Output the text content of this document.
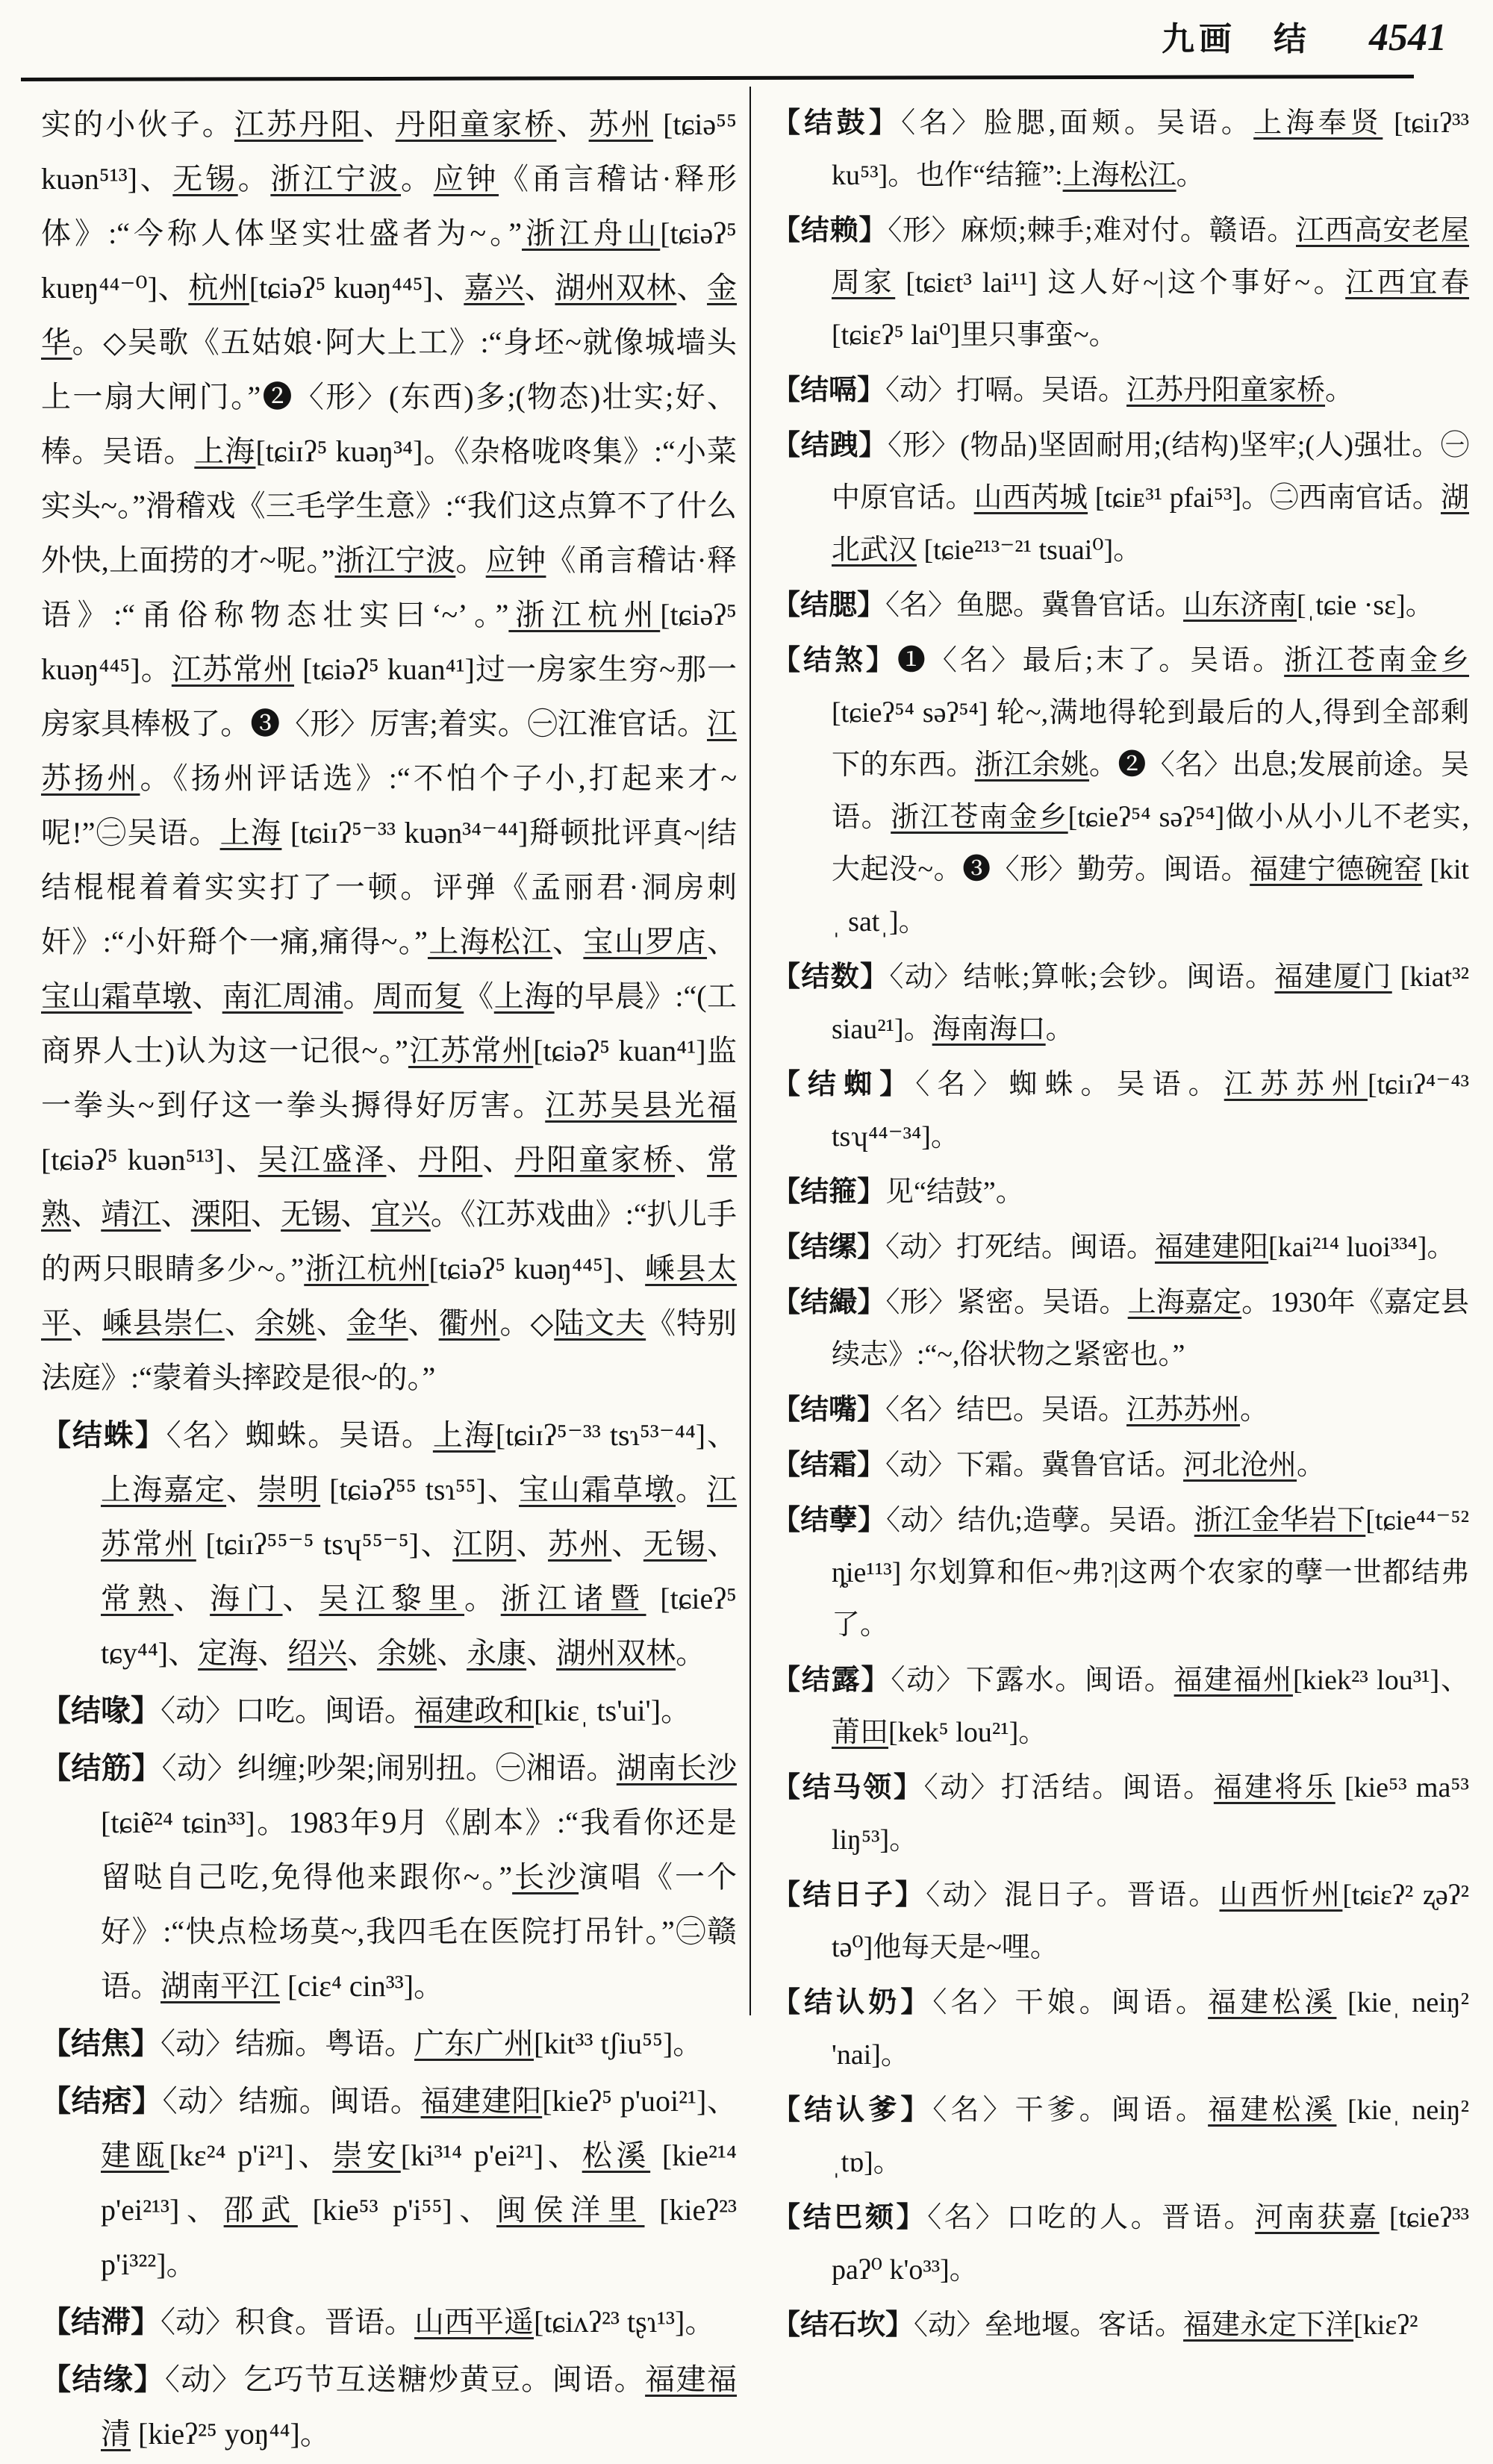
九画　结 4541
实的小伙子。江苏丹阳、丹阳童家桥、苏州 [tɕiə⁵⁵ kuən⁵¹³]、无锡。浙江宁波。应钟《甬言稽诂·释形体》:“今称人体坚实壮盛者为~。”浙江舟山[tɕiəʔ⁵ kuɐŋ⁴⁴⁻⁰]、杭州[tɕiəʔ⁵ kuəŋ⁴⁴⁵]、嘉兴、湖州双林、金华。◇吴歌《五姑娘·阿大上工》:“身坯~就像城墙头上一扇大闸门。”❷〈形〉(东西)多;(物态)壮实;好、棒。吴语。上海[tɕiɪʔ⁵ kuəŋ³⁴]。《杂格咙咚集》:“小菜实头~。”滑稽戏《三毛学生意》:“我们这点算不了什么外快,上面捞的才~呢。”浙江宁波。应钟《甬言稽诂·释语》:“甬俗称物态壮实曰‘~’。”浙江杭州[tɕiəʔ⁵ kuəŋ⁴⁴⁵]。江苏常州 [tɕiəʔ⁵ kuan⁴¹]过一房家生穷~那一房家具棒极了。❸〈形〉厉害;着实。㊀江淮官话。江苏扬州。《扬州评话选》:“不怕个子小,打起来才~呢!”㊁吴语。上海 [tɕiɪʔ⁵⁻³³ kuən³⁴⁻⁴⁴]搿顿批评真~|结结棍棍着着实实打了一顿。评弹《孟丽君·洞房刺奸》:“小奸搿个一痛,痛得~。”上海松江、宝山罗店、宝山霜草墩、南汇周浦。周而复《上海的早晨》:“(工商界人士)认为这一记很~。”江苏常州[tɕiəʔ⁵ kuan⁴¹]监一拳头~到仔这一拳头搙得好厉害。江苏吴县光福[tɕiəʔ⁵ kuən⁵¹³]、吴江盛泽、丹阳、丹阳童家桥、常熟、靖江、溧阳、无锡、宜兴。《江苏戏曲》:“扒儿手的两只眼睛多少~。”浙江杭州[tɕiəʔ⁵ kuəŋ⁴⁴⁵]、嵊县太平、嵊县崇仁、余姚、金华、衢州。◇陆文夫《特别法庭》:“蒙着头摔跤是很~的。”
【结蛛】〈名〉蜘蛛。吴语。上海[tɕiɪʔ⁵⁻³³ tsɿ⁵³⁻⁴⁴]、上海嘉定、崇明 [tɕiəʔ⁵⁵ tsɿ⁵⁵]、宝山霜草墩。江苏常州 [tɕiɪʔ⁵⁵⁻⁵ tsʮ⁵⁵⁻⁵]、江阴、苏州、无锡、常熟、海门、吴江黎里。浙江诸暨 [tɕieʔ⁵ tɕy⁴⁴]、定海、绍兴、余姚、永康、湖州双林。
【结喙】〈动〉口吃。闽语。福建政和[kiɛˌ ts'ui']。
【结筋】〈动〉纠缠;吵架;闹别扭。㊀湘语。湖南长沙[tɕiẽ²⁴ tɕin³³]。1983年9月《剧本》:“我看你还是留哒自己吃,免得他来跟你~。”长沙演唱《一个好》:“快点检场莫~,我四毛在医院打吊针。”㊁赣语。湖南平江 [ciɛ⁴ cin³³]。
【结焦】〈动〉结痂。粤语。广东广州[kit³³ tʃiu⁵⁵]。
【结痞】〈动〉结痂。闽语。福建建阳[kieʔ⁵ p'uoi²¹]、建瓯[kɛ²⁴ p'i²¹]、崇安[ki³¹⁴ p'ei²¹]、松溪 [kie²¹⁴ p'ei²¹³]、邵武 [kie⁵³ p'i⁵⁵]、闽侯洋里 [kieʔ²³ p'i³²²]。
【结滞】〈动〉积食。晋语。山西平遥[tɕiʌʔ²³ tʂɿ¹³]。
【结缘】〈动〉乞巧节互送糖炒黄豆。闽语。福建福清 [kieʔ²⁵ yoŋ⁴⁴]。
【结鼓】〈名〉脸腮,面颊。吴语。上海奉贤 [tɕiɪʔ³³ ku⁵³]。也作“结箍”:上海松江。
【结赖】〈形〉麻烦;棘手;难对付。赣语。江西高安老屋周家 [tɕiɛt³ lai¹¹] 这人好~|这个事好~。江西宜春[tɕiɛʔ⁵ lai⁰]里只事蛮~。
【结嗝】〈动〉打嗝。吴语。江苏丹阳童家桥。
【结跩】〈形〉(物品)坚固耐用;(结构)坚牢;(人)强壮。㊀中原官话。山西芮城 [tɕiᴇ³¹ pfai⁵³]。㊁西南官话。湖北武汉 [tɕie²¹³⁻²¹ tsuai⁰]。
【结腮】〈名〉鱼腮。冀鲁官话。山东济南[ˌtɕie ·sɛ]。
【结煞】❶〈名〉最后;末了。吴语。浙江苍南金乡[tɕieʔ⁵⁴ səʔ⁵⁴] 轮~,满地得轮到最后的人,得到全部剩下的东西。浙江余姚。❷〈名〉出息;发展前途。吴语。浙江苍南金乡[tɕieʔ⁵⁴ səʔ⁵⁴]做小从小儿不老实,大起没~。❸〈形〉勤劳。闽语。福建宁德碗窑 [kitˌ satˌ]。
【结数】〈动〉结帐;算帐;会钞。闽语。福建厦门 [kiat³² siau²¹]。海南海口。
【结蜘】〈名〉蜘蛛。吴语。江苏苏州[tɕiɪʔ⁴⁻⁴³ tsʮ⁴⁴⁻³⁴]。
【结箍】见“结鼓”。
【结缧】〈动〉打死结。闽语。福建建阳[kai²¹⁴ luoi³³⁴]。
【结繓】〈形〉紧密。吴语。上海嘉定。1930年《嘉定县续志》:“~,俗状物之紧密也。”
【结嘴】〈名〉结巴。吴语。江苏苏州。
【结霜】〈动〉下霜。冀鲁官话。河北沧州。
【结孽】〈动〉结仇;造孽。吴语。浙江金华岩下[tɕie⁴⁴⁻⁵² ȵie¹¹³] 尔划算和佢~弗?|这两个农家的孽一世都结弗了。
【结露】〈动〉下露水。闽语。福建福州[kiek²³ lou³¹]、莆田[kek⁵ lou²¹]。
【结马领】〈动〉打活结。闽语。福建将乐 [kie⁵³ ma⁵³ liŋ⁵³]。
【结日子】〈动〉混日子。晋语。山西忻州[tɕiɛʔ² ʐəʔ² tə⁰]他每天是~哩。
【结认奶】〈名〉干娘。闽语。福建松溪 [kieˌ neiŋ² 'nai]。
【结认爹】〈名〉干爹。闽语。福建松溪 [kieˌ neiŋ² ˌtɒ]。
【结巴颏】〈名〉口吃的人。晋语。河南获嘉 [tɕieʔ³³ paʔ⁰ k'o³³]。
【结石坎】〈动〉垒地堰。客话。福建永定下洋[kiɛʔ²
